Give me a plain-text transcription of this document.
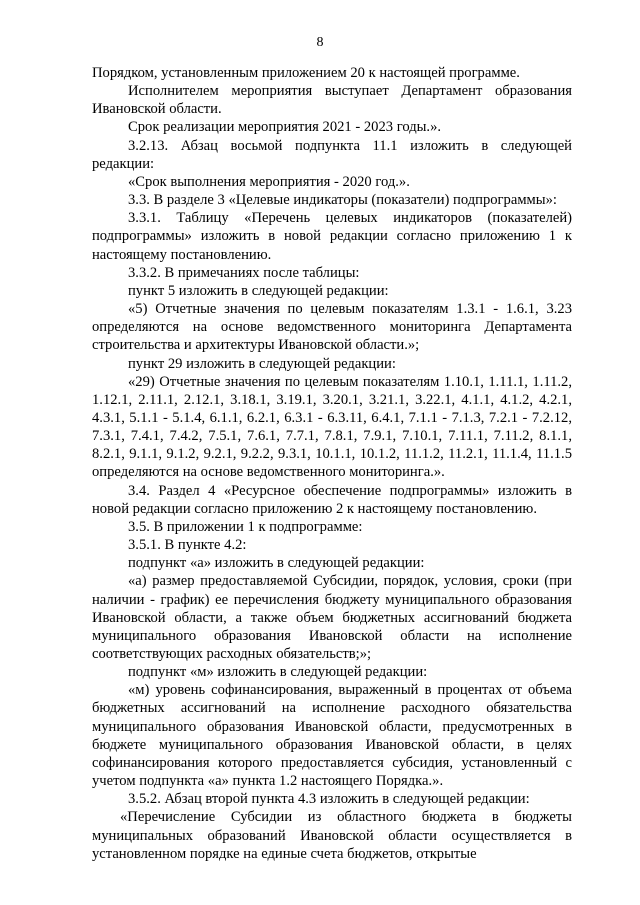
8

Порядком, установленным приложением 20 к настоящей программе.

Исполнителем мероприятия выступает Департамент образования Ивановской области.

Срок реализации мероприятия 2021 - 2023 годы.».

3.2.13. Абзац восьмой подпункта 11.1 изложить в следующей редакции:

«Срок выполнения мероприятия - 2020 год.».

3.3. В разделе 3 «Целевые индикаторы (показатели) подпрограммы»:

3.3.1. Таблицу «Перечень целевых индикаторов (показателей) подпрограммы» изложить в новой редакции согласно приложению 1 к настоящему постановлению.

3.3.2. В примечаниях после таблицы:

пункт 5 изложить в следующей редакции:

«5) Отчетные значения по целевым показателям 1.3.1 - 1.6.1, 3.23 определяются на основе ведомственного мониторинга Департамента строительства и архитектуры Ивановской области.»;

пункт 29 изложить в следующей редакции:

«29) Отчетные значения по целевым показателям 1.10.1, 1.11.1, 1.11.2, 1.12.1, 2.11.1, 2.12.1, 3.18.1, 3.19.1, 3.20.1, 3.21.1, 3.22.1, 4.1.1, 4.1.2, 4.2.1, 4.3.1, 5.1.1 - 5.1.4, 6.1.1, 6.2.1, 6.3.1 - 6.3.11, 6.4.1, 7.1.1 - 7.1.3, 7.2.1 - 7.2.12, 7.3.1, 7.4.1, 7.4.2, 7.5.1, 7.6.1, 7.7.1, 7.8.1, 7.9.1, 7.10.1, 7.11.1, 7.11.2, 8.1.1, 8.2.1, 9.1.1, 9.1.2, 9.2.1, 9.2.2, 9.3.1, 10.1.1, 10.1.2, 11.1.2, 11.2.1, 11.1.4, 11.1.5 определяются на основе ведомственного мониторинга.».

3.4. Раздел 4 «Ресурсное обеспечение подпрограммы» изложить в новой редакции согласно приложению 2 к настоящему постановлению.

3.5. В приложении 1 к подпрограмме:

3.5.1. В пункте 4.2:

подпункт «а» изложить в следующей редакции:

«а) размер предоставляемой Субсидии, порядок, условия, сроки (при наличии - график) ее перечисления бюджету муниципального образования Ивановской области, а также объем бюджетных ассигнований бюджета муниципального образования Ивановской области на исполнение соответствующих расходных обязательств;»;

подпункт «м» изложить в следующей редакции:

«м) уровень софинансирования, выраженный в процентах от объема бюджетных ассигнований на исполнение расходного обязательства муниципального образования Ивановской области, предусмотренных в бюджете муниципального образования Ивановской области, в целях софинансирования которого предоставляется субсидия, установленный с учетом подпункта «а» пункта 1.2 настоящего Порядка.».

3.5.2. Абзац второй пункта 4.3 изложить в следующей редакции:

«Перечисление Субсидии из областного бюджета в бюджеты муниципальных образований Ивановской области осуществляется в установленном порядке на единые счета бюджетов, открытые
